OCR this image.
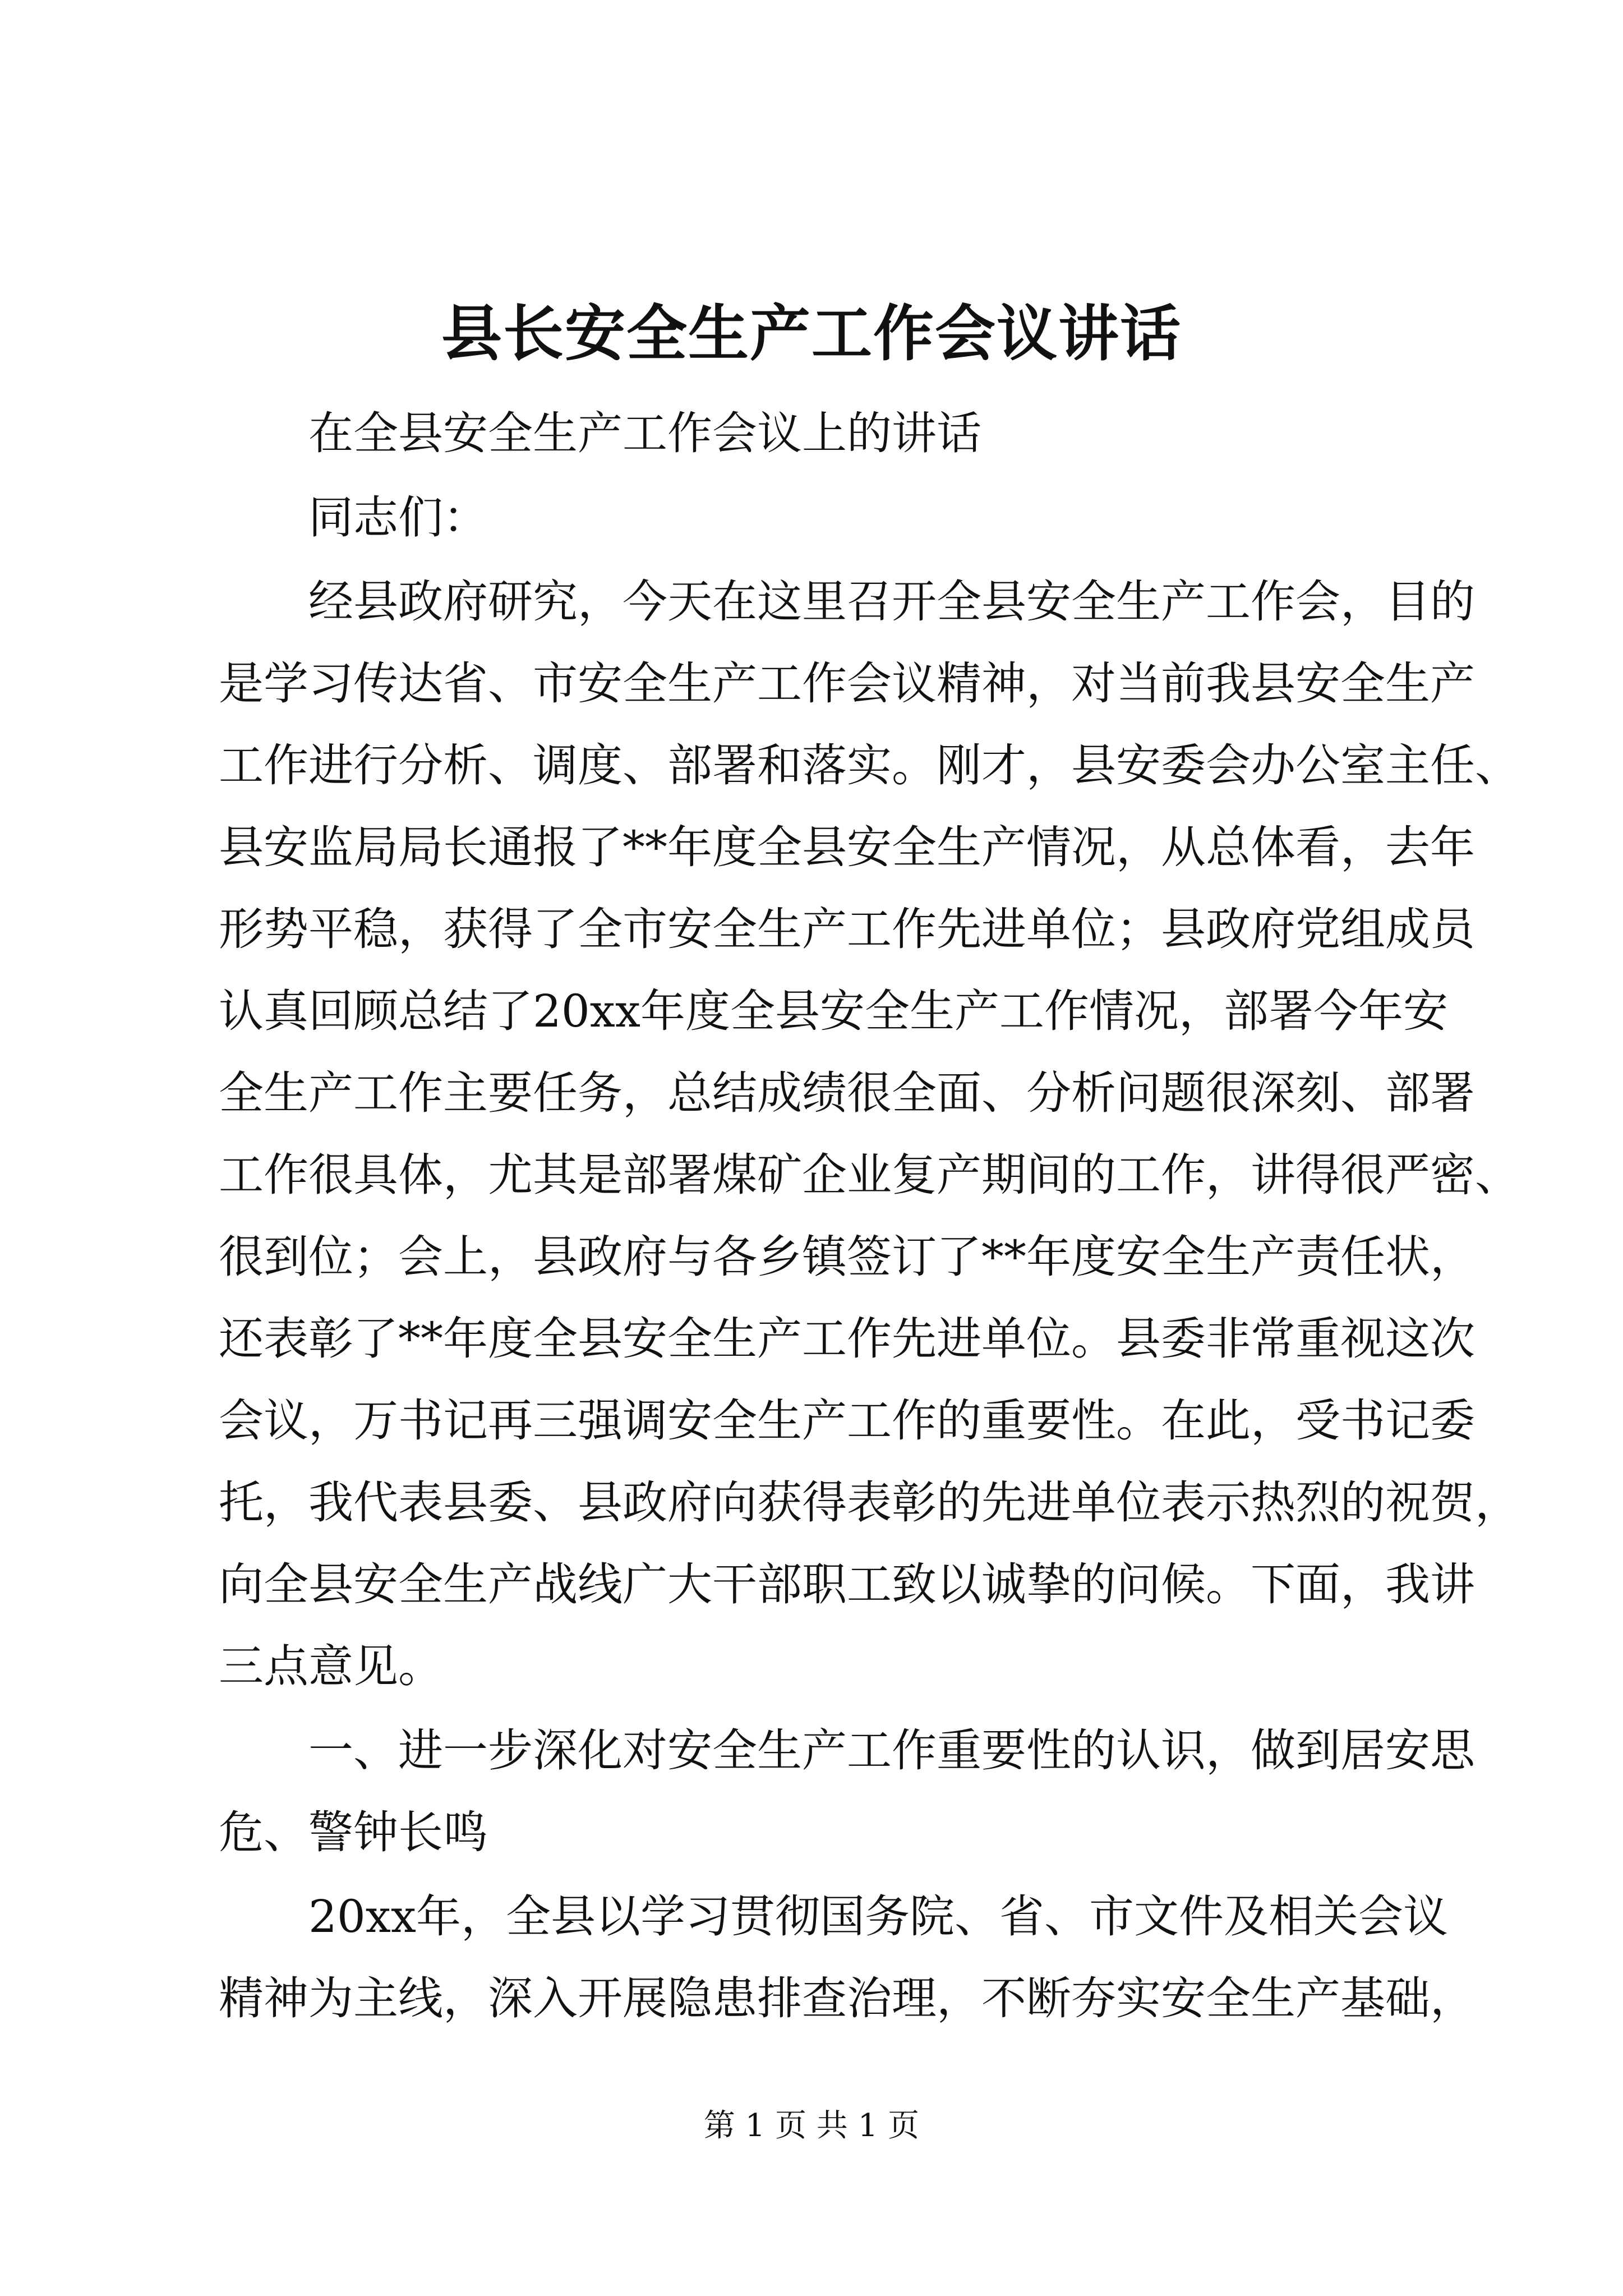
县长安全生产工作会议讲话
在全县安全生产工作会议上的讲话
同志们：
经县政府研究，今天在这里召开全县安全生产工作会，目的
是学习传达省、市安全生产工作会议精神，对当前我县安全生产
工作进行分析、调度、部署和落实。刚才，县安委会办公室主任、
县安监局局长通报了**年度全县安全生产情况，从总体看，去年
形势平稳，获得了全市安全生产工作先进单位；县政府党组成员
认真回顾总结了20xx年度全县安全生产工作情况，部署今年安
全生产工作主要任务，总结成绩很全面、分析问题很深刻、部署
工作很具体，尤其是部署煤矿企业复产期间的工作，讲得很严密、
很到位；会上，县政府与各乡镇签订了**年度安全生产责任状，
还表彰了**年度全县安全生产工作先进单位。县委非常重视这次
会议，万书记再三强调安全生产工作的重要性。在此，受书记委
托，我代表县委、县政府向获得表彰的先进单位表示热烈的祝贺，
向全县安全生产战线广大干部职工致以诚挚的问候。下面，我讲
三点意见。
一、进一步深化对安全生产工作重要性的认识，做到居安思
危、警钟长鸣
20xx年，全县以学习贯彻国务院、省、市文件及相关会议
精神为主线，深入开展隐患排查治理，不断夯实安全生产基础，
第 1 页 共 1 页
